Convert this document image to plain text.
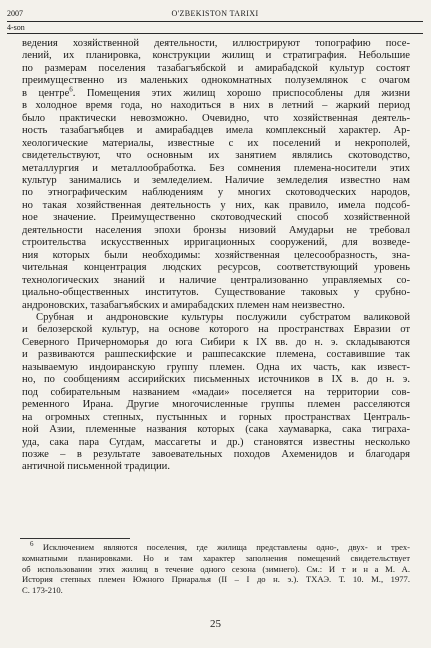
2007	O'ZBEKISTON TARIXI
4-son
ведения хозяйственной деятельности, иллюстрируют топографию посе-
лений, их планировка, конструкции жилищ и стратиграфия. Небольшие
по размерам поселения тазабагъябской и амирабадской культур состоят
преимущественно из маленьких однокомнатных полуземлянок с очагом
в центре$^6$. Помещения этих жилищ хорошо приспособлены для жизни
в холодное время года, но находиться в них в летний – жаркий период
было практически невозможно. Очевидно, что хозяйственная деятель-
ность тазабагъябцев и амирабадцев имела комплексный характер. Ар-
хеологические материалы, известные с их поселений и некрополей,
свидетельствуют, что основным их занятием являлись скотоводство,
металлургия и металлообработка. Без сомнения племена-носители этих
культур занимались и земледелием. Наличие земледелия известно нам
по этнографическим наблюдениям у многих скотоводческих народов,
но такая хозяйственная деятельность у них, как правило, имела подсоб-
ное значение. Преимущественно скотоводческий способ хозяйственной
деятельности населения эпохи бронзы низовий Амударьи не требовал
строительства искусственных ирригационных сооружений, для возведе-
ния которых были необходимы: хозяйственная целесообразность, зна-
чительная концентрация людских ресурсов, соответствующий уровень
технологических знаний и наличие централизованно управляемых со-
циально-общественных институтов. Существование таковых у срубно-
андроновских, тазабагъябских и амирабадских племен нам неизвестно.
Срубная и андроновские культуры послужили субстратом валиковой
и белозерской культур, на основе которого на пространствах Евразии от
Северного Причерноморья до юга Сибири к IX вв. до н. э. складываются
и развиваются рашпескифские и рашпесакские племена, составившие так
называемую индоиранскую группу племен. Одна их часть, как извест-
но, по сообщениям ассирийских письменных источников в IX в. до н. э.
под собирательным названием «мадаи» поселяется на территории сов-
ременного Ирана. Другие многочисленные группы племен расселяются
на огромных степных, пустынных и горных пространствах Централь-
ной Азии, племенные названия которых (сака хаумаварка, сака тиграха-
уда, сака пара Сугдам, массагеты и др.) становятся известны несколько
позже – в результате завоевательных походов Ахеменидов и благодаря
античной письменной традиции.
$^6$ Исключением являются поселения, где жилища представлены одно-, двух- и трех-
комнатными планировками. Но и там характер заполнения помещений свидетельствует
об использовании этих жилищ в течение одного сезона (зимнего). См.: И т и н а М. А.
История степных племен Южного Приаралья (II – I до н. э.). ТХАЭ. Т. 10. М., 1977.
С. 173-210.
25
